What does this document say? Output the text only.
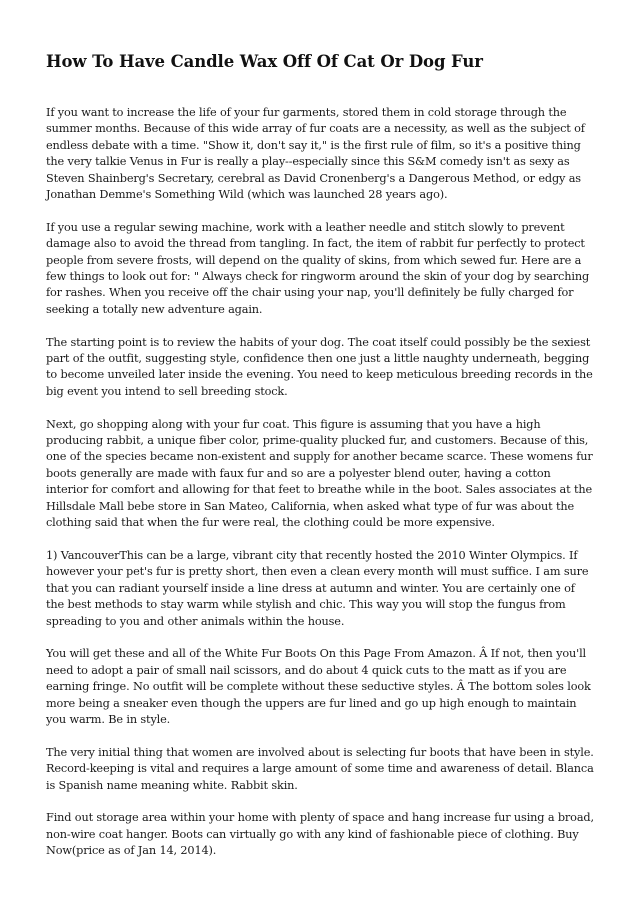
How To Have Candle Wax Off Of Cat Or Dog Fur

If you want to increase the life of your fur garments, stored them in cold storage through the summer months. Because of this wide array of fur coats are a necessity, as well as the subject of endless debate with a time. "Show it, don't say it," is the first rule of film, so it's a positive thing the very talkie Venus in Fur is really a play--especially since this S&M comedy isn't as sexy as Steven Shainberg's Secretary, cerebral as David Cronenberg's a Dangerous Method, or edgy as Jonathan Demme's Something Wild (which was launched 28 years ago).

If you use a regular sewing machine, work with a leather needle and stitch slowly to prevent damage also to avoid the thread from tangling. In fact, the item of rabbit fur perfectly to protect people from severe frosts, will depend on the quality of skins, from which sewed fur. Here are a few things to look out for: " Always check for ringworm around the skin of your dog by searching for rashes. When you receive off the chair using your nap, you'll definitely be fully charged for seeking a totally new adventure again.

The starting point is to review the habits of your dog. The coat itself could possibly be the sexiest part of the outfit, suggesting style, confidence then one just a little naughty underneath, begging to become unveiled later inside the evening. You need to keep meticulous breeding records in the big event you intend to sell breeding stock.

Next, go shopping along with your fur coat. This figure is assuming that you have a high producing rabbit, a unique fiber color, prime-quality plucked fur, and customers. Because of this, one of the species became non-existent and supply for another became scarce. These womens fur boots generally are made with faux fur and so are a polyester blend outer, having a cotton interior for comfort and allowing for that feet to breathe while in the boot. Sales associates at the Hillsdale Mall bebe store in San Mateo, California, when asked what type of fur was about the clothing said that when the fur were real, the clothing could be more expensive.

1) VancouverThis can be a large, vibrant city that recently hosted the 2010 Winter Olympics. If however your pet's fur is pretty short, then even a clean every month will must suffice. I am sure that you can radiant yourself inside a line dress at autumn and winter. You are certainly one of the best methods to stay warm while stylish and chic. This way you will stop the fungus from spreading to you and other animals within the house.

You will get these and all of the White Fur Boots On this Page From Amazon. Â If not, then you'll need to adopt a pair of small nail scissors, and do about 4 quick cuts to the matt as if you are earning fringe. No outfit will be complete without these seductive styles. Â The bottom soles look more being a sneaker even though the uppers are fur lined and go up high enough to maintain you warm. Be in style.

The very initial thing that women are involved about is selecting fur boots that have been in style. Record-keeping is vital and requires a large amount of some time and awareness of detail. Blanca is Spanish name meaning white. Rabbit skin.

Find out storage area within your home with plenty of space and hang increase fur using a broad, non-wire coat hanger. Boots can virtually go with any kind of fashionable piece of clothing. Buy Now(price as of Jan 14, 2014).
